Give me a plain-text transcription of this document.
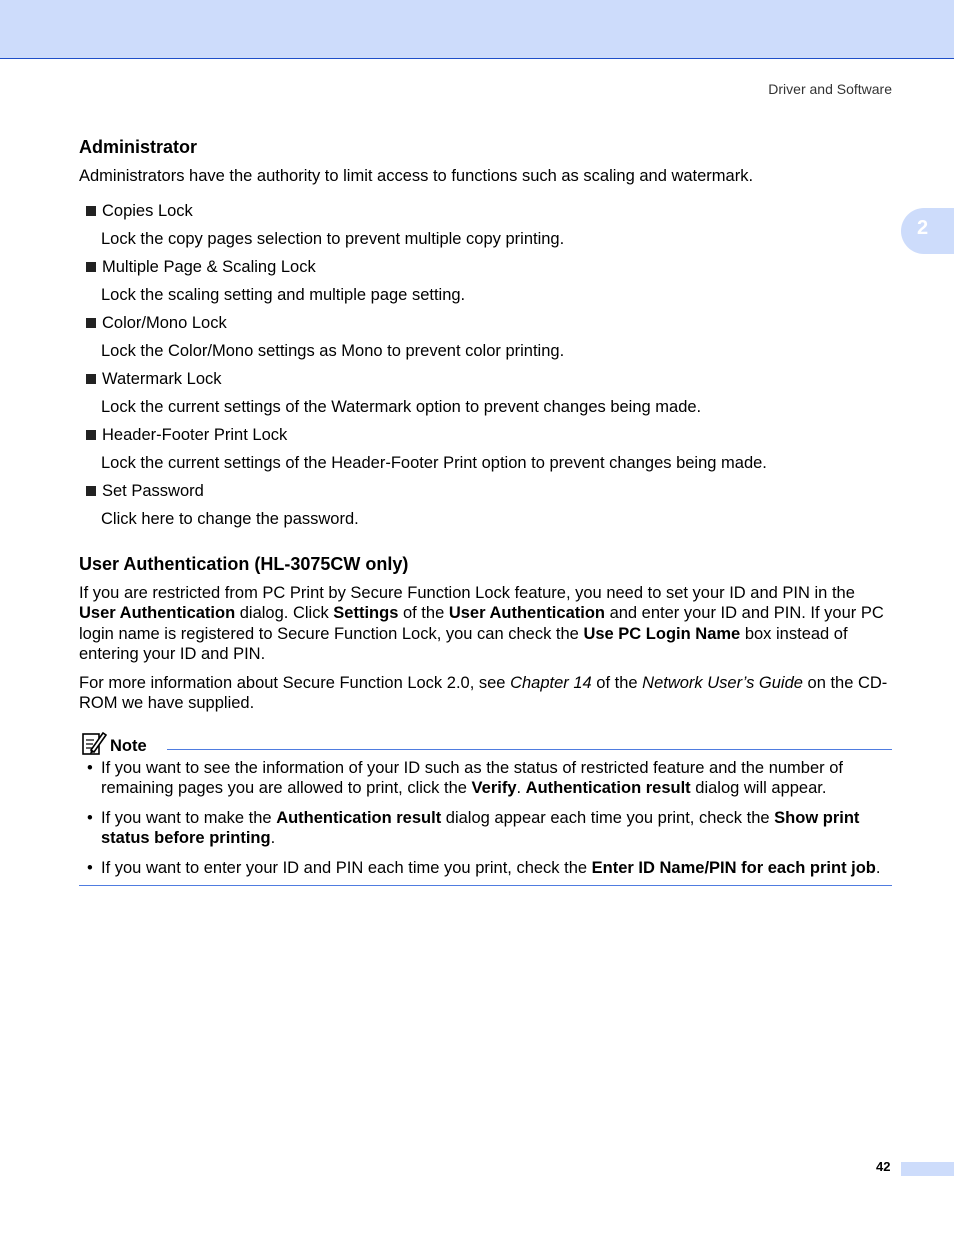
Driver and Software
2
Administrator

Administrators have the authority to limit access to functions such as scaling and watermark.

Copies Lock
Lock the copy pages selection to prevent multiple copy printing.
Multiple Page & Scaling Lock
Lock the scaling setting and multiple page setting.
Color/Mono Lock
Lock the Color/Mono settings as Mono to prevent color printing.
Watermark Lock
Lock the current settings of the Watermark option to prevent changes being made.
Header-Footer Print Lock
Lock the current settings of the Header-Footer Print option to prevent changes being made.
Set Password
Click here to change the password.
User Authentication (HL-3075CW only)

If you are restricted from PC Print by Secure Function Lock feature, you need to set your ID and PIN in the User Authentication dialog. Click Settings of the User Authentication and enter your ID and PIN. If your PC login name is registered to Secure Function Lock, you can check the Use PC Login Name box instead of entering your ID and PIN.

For more information about Secure Function Lock 2.0, see Chapter 14 of the Network User’s Guide on the CD-ROM we have supplied.

Note
• If you want to see the information of your ID such as the status of restricted feature and the number of remaining pages you are allowed to print, click the Verify. Authentication result dialog will appear.
• If you want to make the Authentication result dialog appear each time you print, check the Show print status before printing.
• If you want to enter your ID and PIN each time you print, check the Enter ID Name/PIN for each print job.
42
